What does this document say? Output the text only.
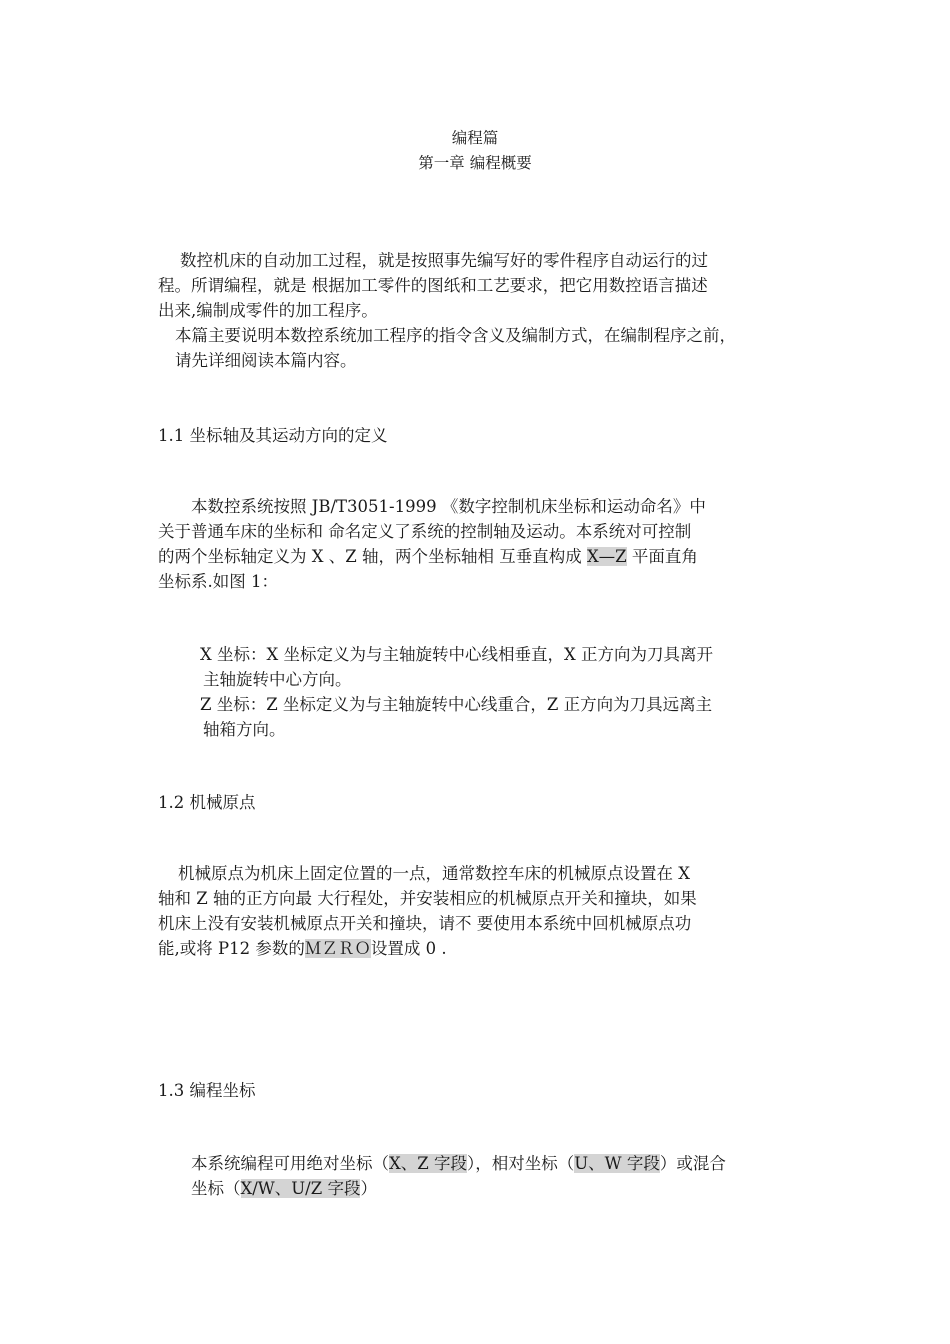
编程篇
第一章 编程概要
数控机床的自动加工过程，就是按照事先编写好的零件程序自动运行的过
程。所谓编程，就是 根据加工零件的图纸和工艺要求，把它用数控语言描述
出来,编制成零件的加工程序。
本篇主要说明本数控系统加工程序的指令含义及编制方式，在编制程序之前，
请先详细阅读本篇内容。
1.1 坐标轴及其运动方向的定义
本数控系统按照 JB/T3051-1999 《数字控制机床坐标和运动命名》中
关于普通车床的坐标和 命名定义了系统的控制轴及运动。本系统对可控制
的两个坐标轴定义为 X 、Z 轴，两个坐标轴相 互垂直构成 X—Z 平面直角
坐标系.如图 1：
X 坐标：X 坐标定义为与主轴旋转中心线相垂直，X 正方向为刀具离开
主轴旋转中心方向。
Z 坐标：Z 坐标定义为与主轴旋转中心线重合，Z 正方向为刀具远离主
轴箱方向。
1.2 机械原点
机械原点为机床上固定位置的一点，通常数控车床的机械原点设置在 X
轴和 Z 轴的正方向最 大行程处，并安装相应的机械原点开关和撞块，如果
机床上没有安装机械原点开关和撞块，请不 要使用本系统中回机械原点功
能,或将 P12 参数的ＭＺＲＯ设置成 0 .
1.3 编程坐标
本系统编程可用绝对坐标（X、Z 字段），相对坐标（U、W 字段）或混合
坐标（X/W、U/Z 字段）
